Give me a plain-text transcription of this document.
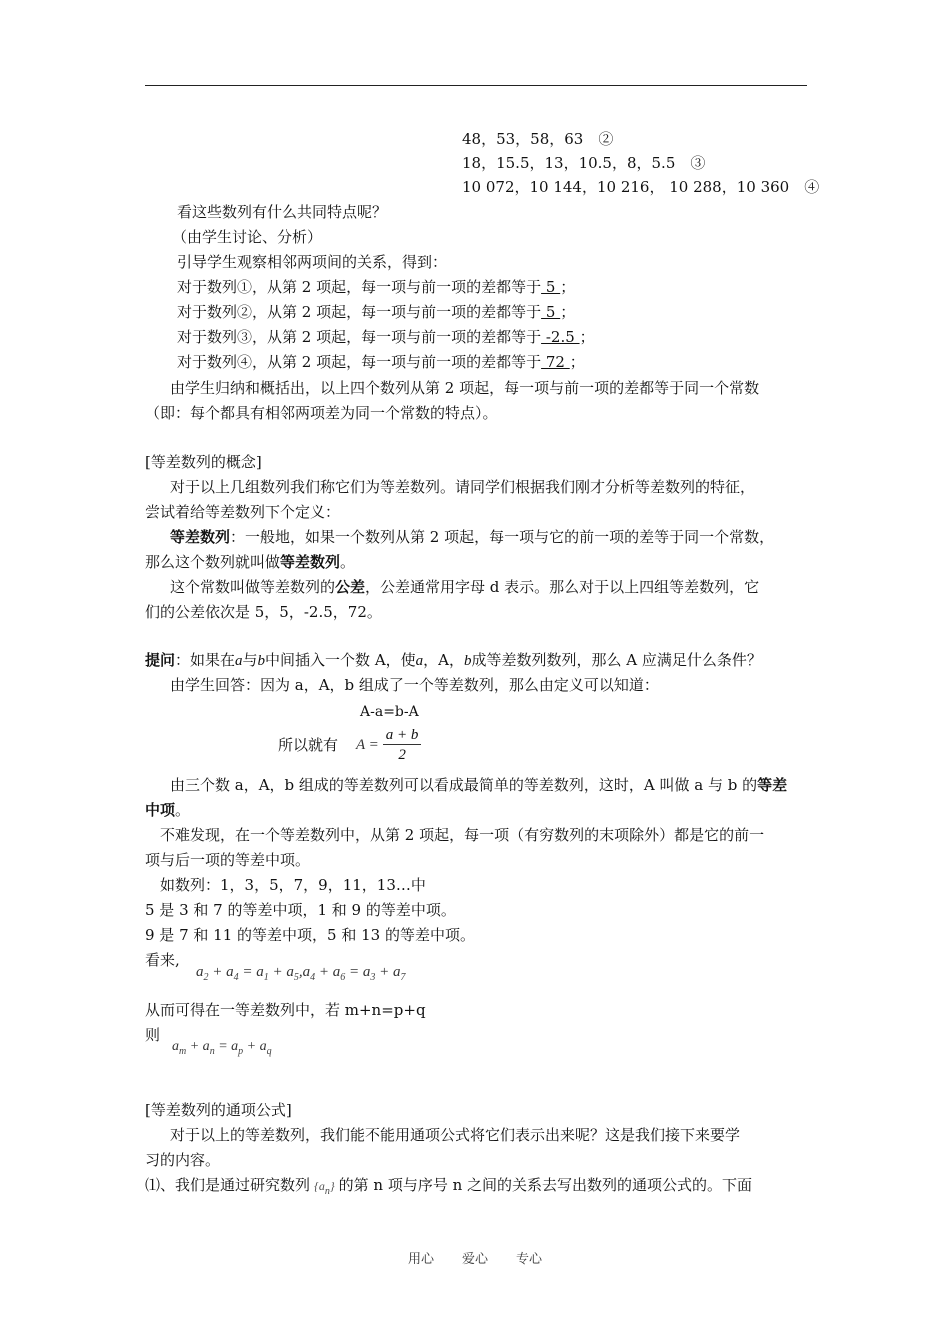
48，53，58，63　②
18，15.5，13，10.5，8，5.5　③
10 072，10 144，10 216， 10 288，10 360　④
看这些数列有什么共同特点呢？
（由学生讨论、分析）
引导学生观察相邻两项间的关系，得到：
对于数列①，从第 2 项起，每一项与前一项的差都等于 5 ；
对于数列②，从第 2 项起，每一项与前一项的差都等于 5 ；
对于数列③，从第 2 项起，每一项与前一项的差都等于 -2.5 ；
对于数列④，从第 2 项起，每一项与前一项的差都等于 72 ；
由学生归纳和概括出，以上四个数列从第 2 项起，每一项与前一项的差都等于同一个常数
（即：每个都具有相邻两项差为同一个常数的特点）。
[等差数列的概念]
对于以上几组数列我们称它们为等差数列。请同学们根据我们刚才分析等差数列的特征，
尝试着给等差数列下个定义：
等差数列：一般地，如果一个数列从第 2 项起，每一项与它的前一项的差等于同一个常数，
那么这个数列就叫做等差数列。
这个常数叫做等差数列的公差，公差通常用字母 d 表示。那么对于以上四组等差数列，它
们的公差依次是 5，5，-2.5，72。
提问：如果在a与b中间插入一个数 A，使a，A，b成等差数列数列，那么 A 应满足什么条件？
由学生回答：因为 a，A，b 组成了一个等差数列，那么由定义可以知道：
A-a=b-A
所以就有 $A = \frac{a + b}{2}$
由三个数 a，A，b 组成的等差数列可以看成最简单的等差数列，这时，A 叫做 a 与 b 的等差
中项。
不难发现，在一个等差数列中，从第 2 项起，每一项（有穷数列的末项除外）都是它的前一
项与后一项的等差中项。
如数列：1，3，5，7，9，11，13…中
5 是 3 和 7 的等差中项，1 和 9 的等差中项。
9 是 7 和 11 的等差中项，5 和 13 的等差中项。
看来,
$a_2 + a_4 = a_1 + a_5,a_4 + a_6 = a_3 + a_7$
从而可得在一等差数列中，若 m+n=p+q
则
$a_m + a_n = a_p + a_q$
[等差数列的通项公式]
对于以上的等差数列，我们能不能用通项公式将它们表示出来呢？这是我们接下来要学
习的内容。
⑴、我们是通过研究数列 $\{a_n\}$ 的第 n 项与序号 n 之间的关系去写出数列的通项公式的。下面
用心 爱心 专心
